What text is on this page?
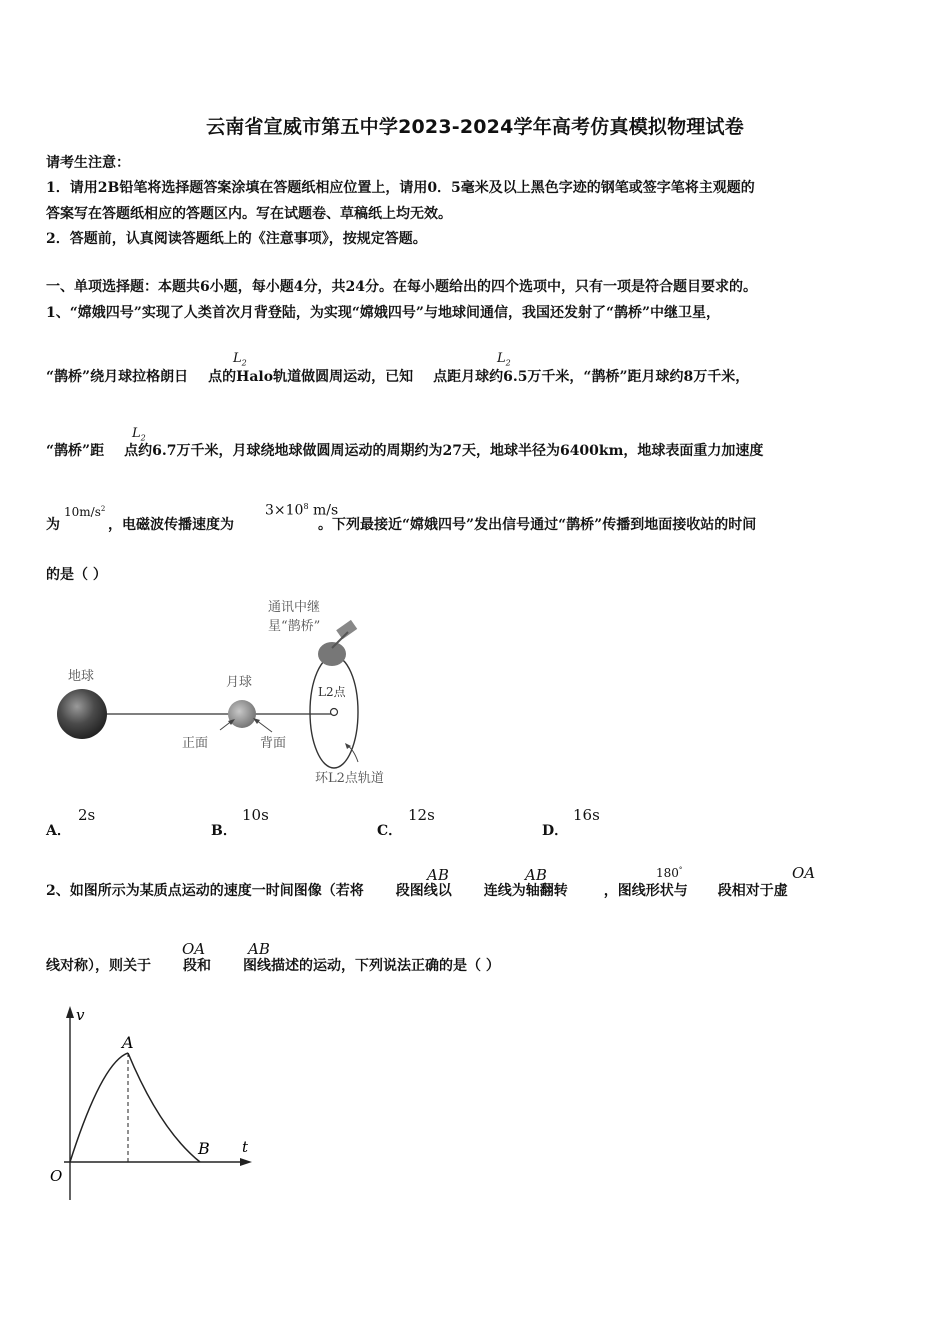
云南省宣威市第五中学2023-2024学年高考仿真模拟物理试卷
请考生注意：
1．请用2B铅笔将选择题答案涂填在答题纸相应位置上，请用0．5毫米及以上黑色字迹的钢笔或签字笔将主观题的
答案写在答题纸相应的答题区内。写在试题卷、草稿纸上均无效。
2．答题前，认真阅读答题纸上的《注意事项》，按规定答题。
一、单项选择题：本题共6小题，每小题4分，共24分。在每小题给出的四个选项中，只有一项是符合题目要求的。
1、“嫦娥四号”实现了人类首次月背登陆，为实现“嫦娥四号”与地球间通信，我国还发射了“鹊桥”中继卫星，
“鹊桥”绕月球拉格朗日 点的Halo轨道做圆周运动，已知 点距月球约6.5万千米，“鹊桥”距月球约8万千米，
$L_2$	$L_2$
“鹊桥”距 点约6.7万千米，月球绕地球做圆周运动的周期约为27天，地球半径为6400km，地球表面重力加速度
$L_2$
为	，电磁波传播速度为	。下列最接近“嫦娥四号”发出信号通过“鹊桥”传播到地面接收站的时间
$10m/s^2$	$3\times 10^8$ m/s
的是（ ）
地球	月球
L2点
通讯中继
星“鹊桥”
正面	背面
环L2点轨道
A．
2s
B．
10s
C．
12s
D．
16s
2、如图所示为某质点运动的速度一时间图像（若将 段图线以 连线为轴翻转	，图线形状与 段相对于虚
AB	AB	180°	OA
线对称），则关于 段和 图线描述的运动，下列说法正确的是（ ）
OA	AB
v
t
O
A
B
